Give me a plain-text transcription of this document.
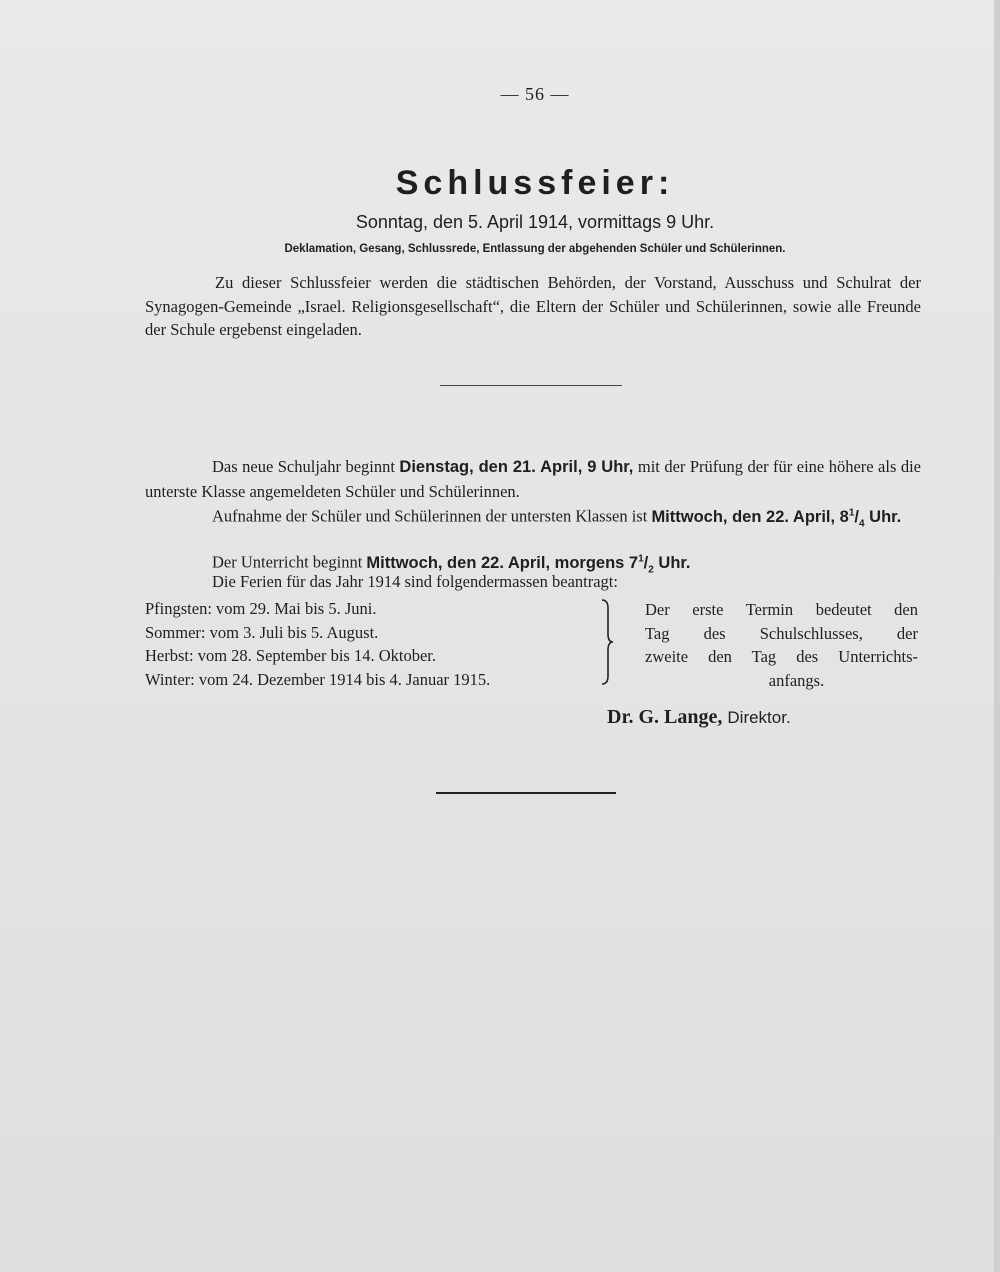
— 56 —
Schlussfeier:
Sonntag, den 5. April 1914, vormittags 9 Uhr.
Deklamation, Gesang, Schlussrede, Entlassung der abgehenden Schüler und Schülerinnen.
Zu dieser Schlussfeier werden die städtischen Behörden, der Vorstand, Ausschuss und Schulrat der Synagogen-Gemeinde „Israel. Religionsgesellschaft“, die Eltern der Schüler und Schülerinnen, sowie alle Freunde der Schule ergebenst eingeladen.
Das neue Schuljahr beginnt Dienstag, den 21. April, 9 Uhr, mit der Prüfung der für eine höhere als die unterste Klasse angemeldeten Schüler und Schülerinnen.
Aufnahme der Schüler und Schülerinnen der untersten Klassen ist Mittwoch, den 22. April, $8^1/_4$ Uhr.
Der Unterricht beginnt Mittwoch, den 22. April, morgens $7^1/_2$ Uhr.
Die Ferien für das Jahr 1914 sind folgendermassen beantragt:
Pfingsten: vom 29. Mai bis 5. Juni.
Sommer: vom 3. Juli bis 5. August.
Herbst: vom 28. September bis 14. Oktober.
Winter: vom 24. Dezember 1914 bis 4. Januar 1915.
Der erste Termin bedeutet den
Tag des Schulschlusses, der
zweite den Tag des Unterrichts-
anfangs.
Dr. G. Lange, Direktor.
